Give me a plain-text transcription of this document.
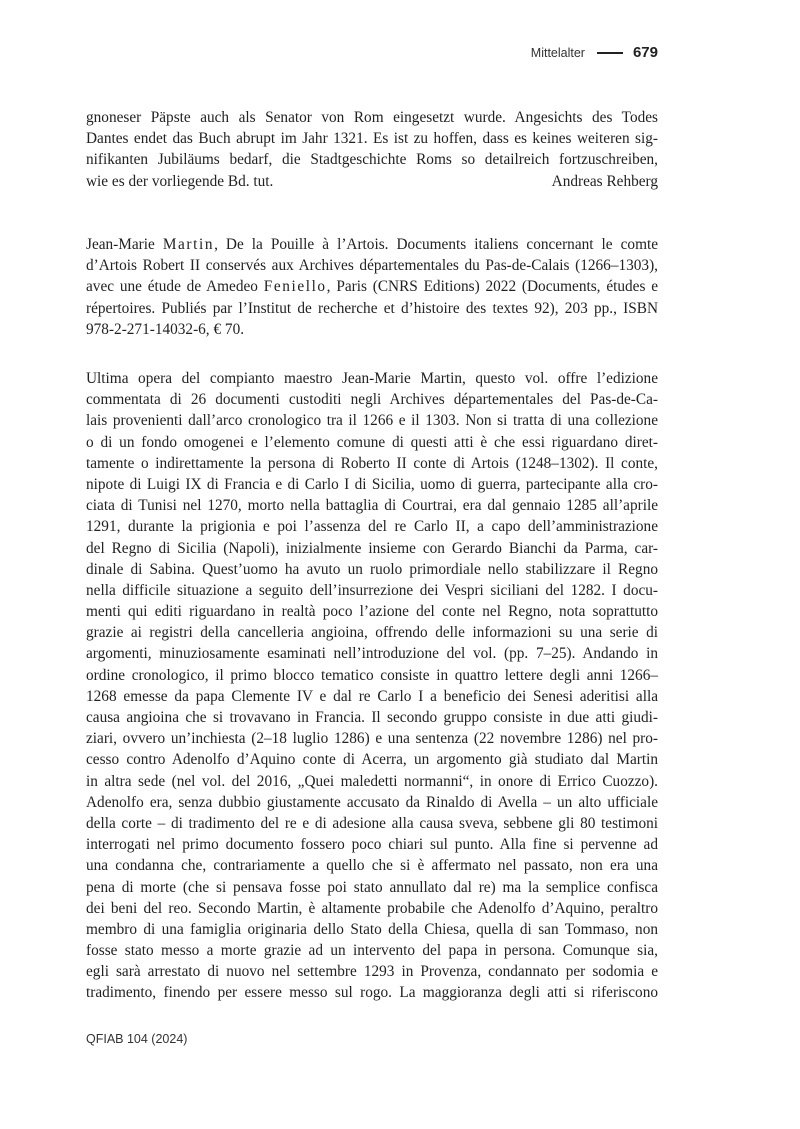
Mittelalter	679
gnoneser Päpste auch als Senator von Rom eingesetzt wurde. Angesichts des Todes
Dantes endet das Buch abrupt im Jahr 1321. Es ist zu hoffen, dass es keines weiteren sig-
nifikanten Jubiläums bedarf, die Stadtgeschichte Roms so detailreich fortzuschreiben,
wie es der vorliegende Bd. tut.	Andreas Rehberg
Jean-Marie Martin, De la Pouille à l’Artois. Documents italiens concernant le comte
d’Artois Robert II conservés aux Archives départementales du Pas-de-Calais (1266–1303),
avec une étude de Amedeo Feniello, Paris (CNRS Editions) 2022 (Documents, études e
répertoires. Publiés par l’Institut de recherche et d’histoire des textes 92), 203 pp., ISBN
978-2-271-14032-6, € 70.
Ultima opera del compianto maestro Jean-Marie Martin, questo vol. offre l’edizione
commentata di 26 documenti custoditi negli Archives départementales del Pas-de-Ca-
lais provenienti dall’arco cronologico tra il 1266 e il 1303. Non si tratta di una collezione
o di un fondo omogenei e l’elemento comune di questi atti è che essi riguardano diret-
tamente o indirettamente la persona di Roberto II conte di Artois (1248–1302). Il conte,
nipote di Luigi IX di Francia e di Carlo I di Sicilia, uomo di guerra, partecipante alla cro-
ciata di Tunisi nel 1270, morto nella battaglia di Courtrai, era dal gennaio 1285 all’aprile
1291, durante la prigionia e poi l’assenza del re Carlo II, a capo dell’amministrazione
del Regno di Sicilia (Napoli), inizialmente insieme con Gerardo Bianchi da Parma, car-
dinale di Sabina. Quest’uomo ha avuto un ruolo primordiale nello stabilizzare il Regno
nella difficile situazione a seguito dell’insurrezione dei Vespri siciliani del 1282. I docu-
menti qui editi riguardano in realtà poco l’azione del conte nel Regno, nota soprattutto
grazie ai registri della cancelleria angioina, offrendo delle informazioni su una serie di
argomenti, minuziosamente esaminati nell’introduzione del vol. (pp. 7–25). Andando in
ordine cronologico, il primo blocco tematico consiste in quattro lettere degli anni 1266–
1268 emesse da papa Clemente IV e dal re Carlo I a beneficio dei Senesi aderitisi alla
causa angioina che si trovavano in Francia. Il secondo gruppo consiste in due atti giudi-
ziari, ovvero un’inchiesta (2–18 luglio 1286) e una sentenza (22 novembre 1286) nel pro-
cesso contro Adenolfo d’Aquino conte di Acerra, un argomento già studiato dal Martin
in altra sede (nel vol. del 2016, „Quei maledetti normanni“, in onore di Errico Cuozzo).
Adenolfo era, senza dubbio giustamente accusato da Rinaldo di Avella – un alto ufficiale
della corte – di tradimento del re e di adesione alla causa sveva, sebbene gli 80 testimoni
interrogati nel primo documento fossero poco chiari sul punto. Alla fine si pervenne ad
una condanna che, contrariamente a quello che si è affermato nel passato, non era una
pena di morte (che si pensava fosse poi stato annullato dal re) ma la semplice confisca
dei beni del reo. Secondo Martin, è altamente probabile che Adenolfo d’Aquino, peraltro
membro di una famiglia originaria dello Stato della Chiesa, quella di san Tommaso, non
fosse stato messo a morte grazie ad un intervento del papa in persona. Comunque sia,
egli sarà arrestato di nuovo nel settembre 1293 in Provenza, condannato per sodomia e
tradimento, finendo per essere messo sul rogo. La maggioranza degli atti si riferiscono
QFIAB 104 (2024)
